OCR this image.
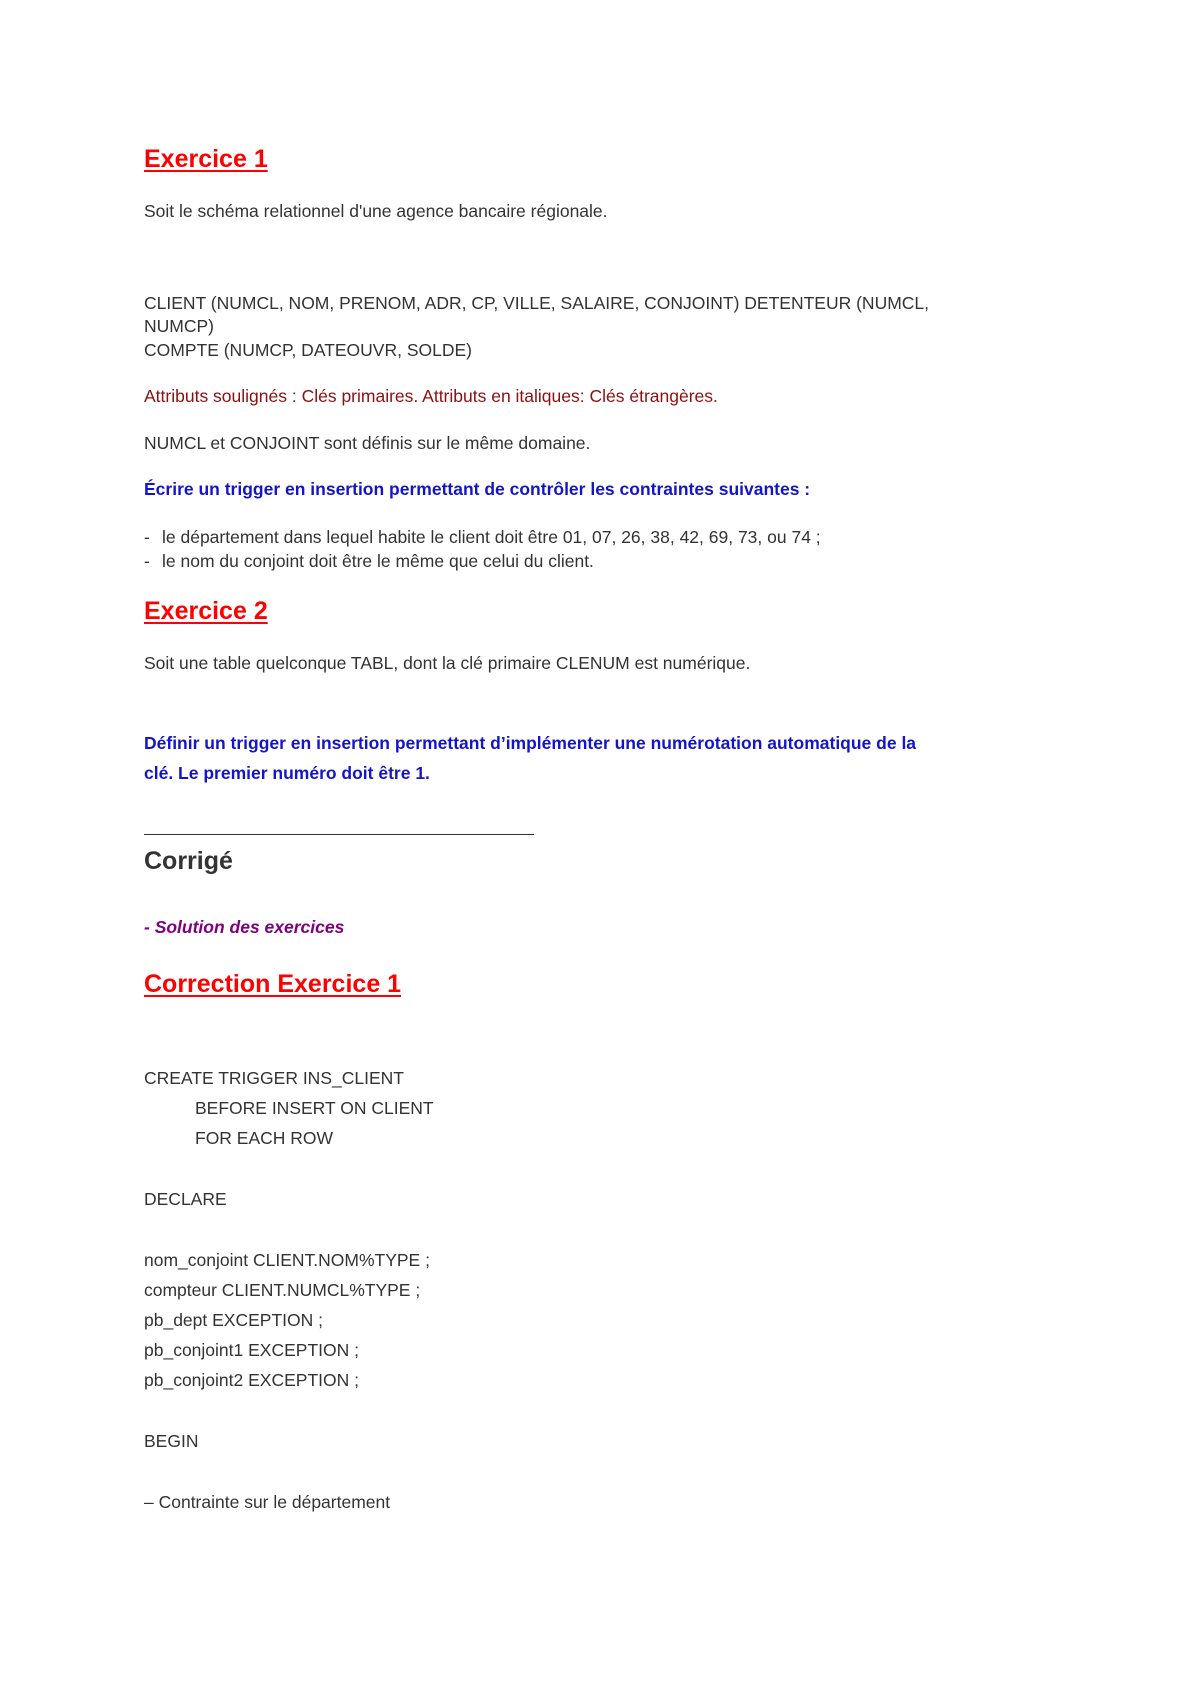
Exercice 1

Soit le schéma relationnel d'une agence bancaire régionale.

CLIENT (NUMCL, NOM, PRENOM, ADR, CP, VILLE, SALAIRE, CONJOINT) DETENTEUR (NUMCL,

NUMCP)

COMPTE (NUMCP, DATEOUVR, SOLDE)

Attributs soulignés : Clés primaires. Attributs en italiques: Clés étrangères.

NUMCL et CONJOINT sont définis sur le même domaine.

Écrire un trigger en insertion permettant de contrôler les contraintes suivantes :

- le département dans lequel habite le client doit être 01, 07, 26, 38, 42, 69, 73, ou 74 ;

- le nom du conjoint doit être le même que celui du client.

Exercice 2

Soit une table quelconque TABL, dont la clé primaire CLENUM est numérique.

Définir un trigger en insertion permettant d’implémenter une numérotation automatique de la

clé. Le premier numéro doit être 1.

Corrigé

- Solution des exercices

Correction Exercice 1

CREATE TRIGGER INS_CLIENT

BEFORE INSERT ON CLIENT

FOR EACH ROW

DECLARE

nom_conjoint CLIENT.NOM%TYPE ;

compteur CLIENT.NUMCL%TYPE ;

pb_dept EXCEPTION ;

pb_conjoint1 EXCEPTION ;

pb_conjoint2 EXCEPTION ;

BEGIN

– Contrainte sur le département
